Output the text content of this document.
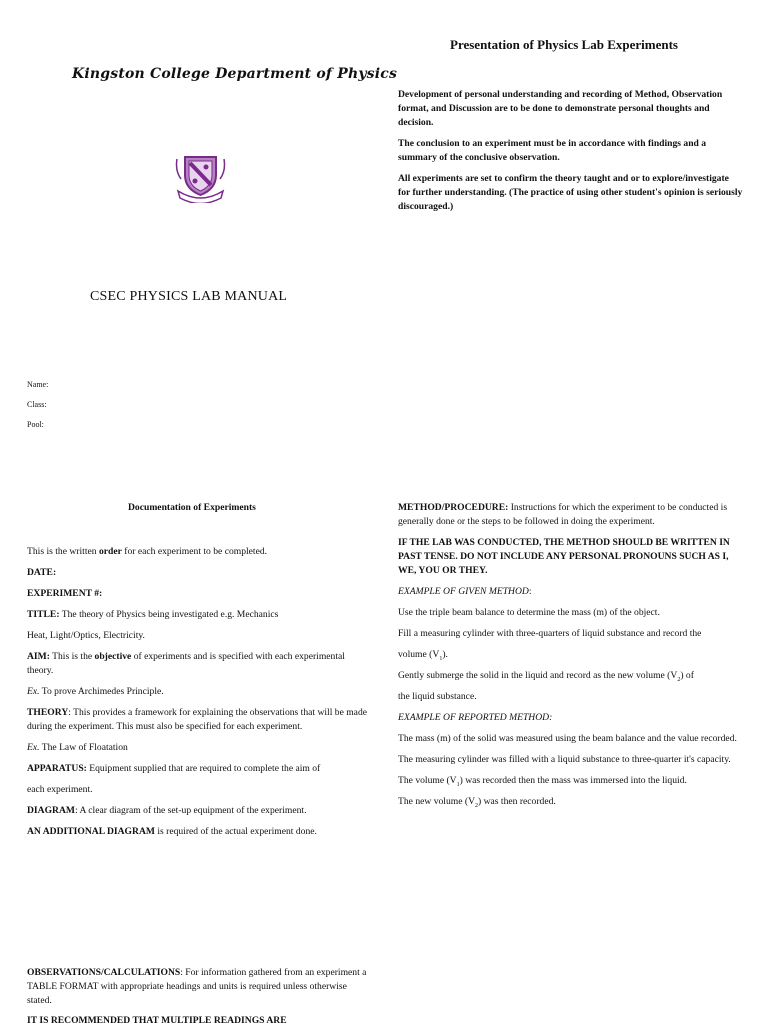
Kingston College Department of Physics
CSEC PHYSICS LAB MANUAL
Name:
Class:
Pool:
Presentation of Physics Lab Experiments

Development of personal understanding and recording of Method, Observation format, and Discussion are to be done to demonstrate personal thoughts and decision.

The conclusion to an experiment must be in accordance with findings and a summary of the conclusive observation.

All experiments are set to confirm the theory taught and or to explore/investigate for further understanding. (The practice of using other student's opinion is seriously discouraged.)

Documentation of Experiments
This is the written order for each experiment to be completed.
DATE:
EXPERIMENT #:
TITLE: The theory of Physics being investigated e.g. Mechanics
Heat, Light/Optics, Electricity.
AIM: This is the objective of experiments and is specified with each experimental theory.
Ex. To prove Archimedes Principle.
THEORY: This provides a framework for explaining the observations that will be made during the experiment. This must also be specified for each experiment.
Ex. The Law of Floatation
APPARATUS: Equipment supplied that are required to complete the aim of
each experiment.
DIAGRAM: A clear diagram of the set-up equipment of the experiment.
AN ADDITIONAL DIAGRAM is required of the actual experiment done.
OBSERVATIONS/CALCULATIONS: For information gathered from an experiment a TABLE FORMAT with appropriate headings and units is required unless otherwise stated.
IT IS RECOMMENDED THAT MULTIPLE READINGS ARE
METHOD/PROCEDURE: Instructions for which the experiment to be conducted is generally done or the steps to be followed in doing the experiment.
IF THE LAB WAS CONDUCTED, THE METHOD SHOULD BE WRITTEN IN PAST TENSE. DO NOT INCLUDE ANY PERSONAL PRONOUNS SUCH AS I, WE, YOU OR THEY.
EXAMPLE OF GIVEN METHOD:
Use the triple beam balance to determine the mass (m) of the object.
Fill a measuring cylinder with three-quarters of liquid substance and record the
volume $(V_1)$.
Gently submerge the solid in the liquid and record as the new volume $(V_2)$ of
the liquid substance.
EXAMPLE OF REPORTED METHOD:
The mass (m) of the solid was measured using the beam balance and the value recorded.
The measuring cylinder was filled with a liquid substance to three-quarter it's capacity.
The volume $(V_1)$ was recorded then the mass was immersed into the liquid.
The new volume $(V_2)$ was then recorded.
